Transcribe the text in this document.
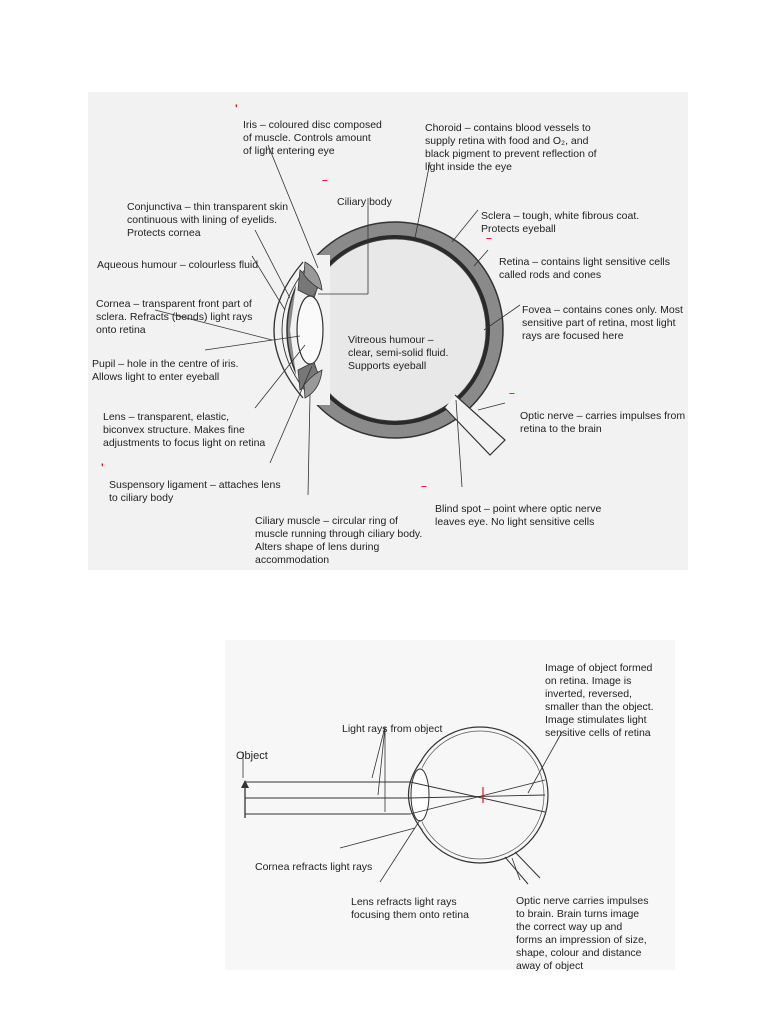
Iris – coloured disc composed
of muscle. Controls amount
of light entering eye

'

Choroid – contains blood vessels to
supply retina with food and O₂, and
black pigment to prevent reflection of
light inside the eye

Conjunctiva – thin transparent skin
continuous with lining of eyelids.
Protects cornea

‾

Ciliary body

Sclera – tough, white fibrous coat.
Protects eyeball

Aqueous humour – colourless fluid

‾

Retina – contains light sensitive cells
called rods and cones

Cornea – transparent front part of
sclera. Refracts (bends) light rays
onto retina

Fovea – contains cones only. Most
sensitive part of retina, most light
rays are focused here

Vitreous humour –
clear, semi-solid fluid.
Supports eyeball

Pupil – hole in the centre of iris.
Allows light to enter eyeball

Lens – transparent, elastic,
biconvex structure. Makes fine
adjustments to focus light on retina

‾

Optic nerve – carries impulses from
retina to the brain

'

Suspensory ligament – attaches lens
to ciliary body	‾

Blind spot – point where optic nerve
leaves eye. No light sensitive cells

Ciliary muscle – circular ring of
muscle running through ciliary body.
Alters shape of lens during
accommodation

Image of object formed
on retina. Image is
inverted, reversed,
smaller than the object.
Image stimulates light
sensitive cells of retina

Light rays from object

Object

Cornea refracts light rays

Lens refracts light rays
focusing them onto retina

Optic nerve carries impulses
to brain. Brain turns image
the correct way up and
forms an impression of size,
shape, colour and distance
away of object
